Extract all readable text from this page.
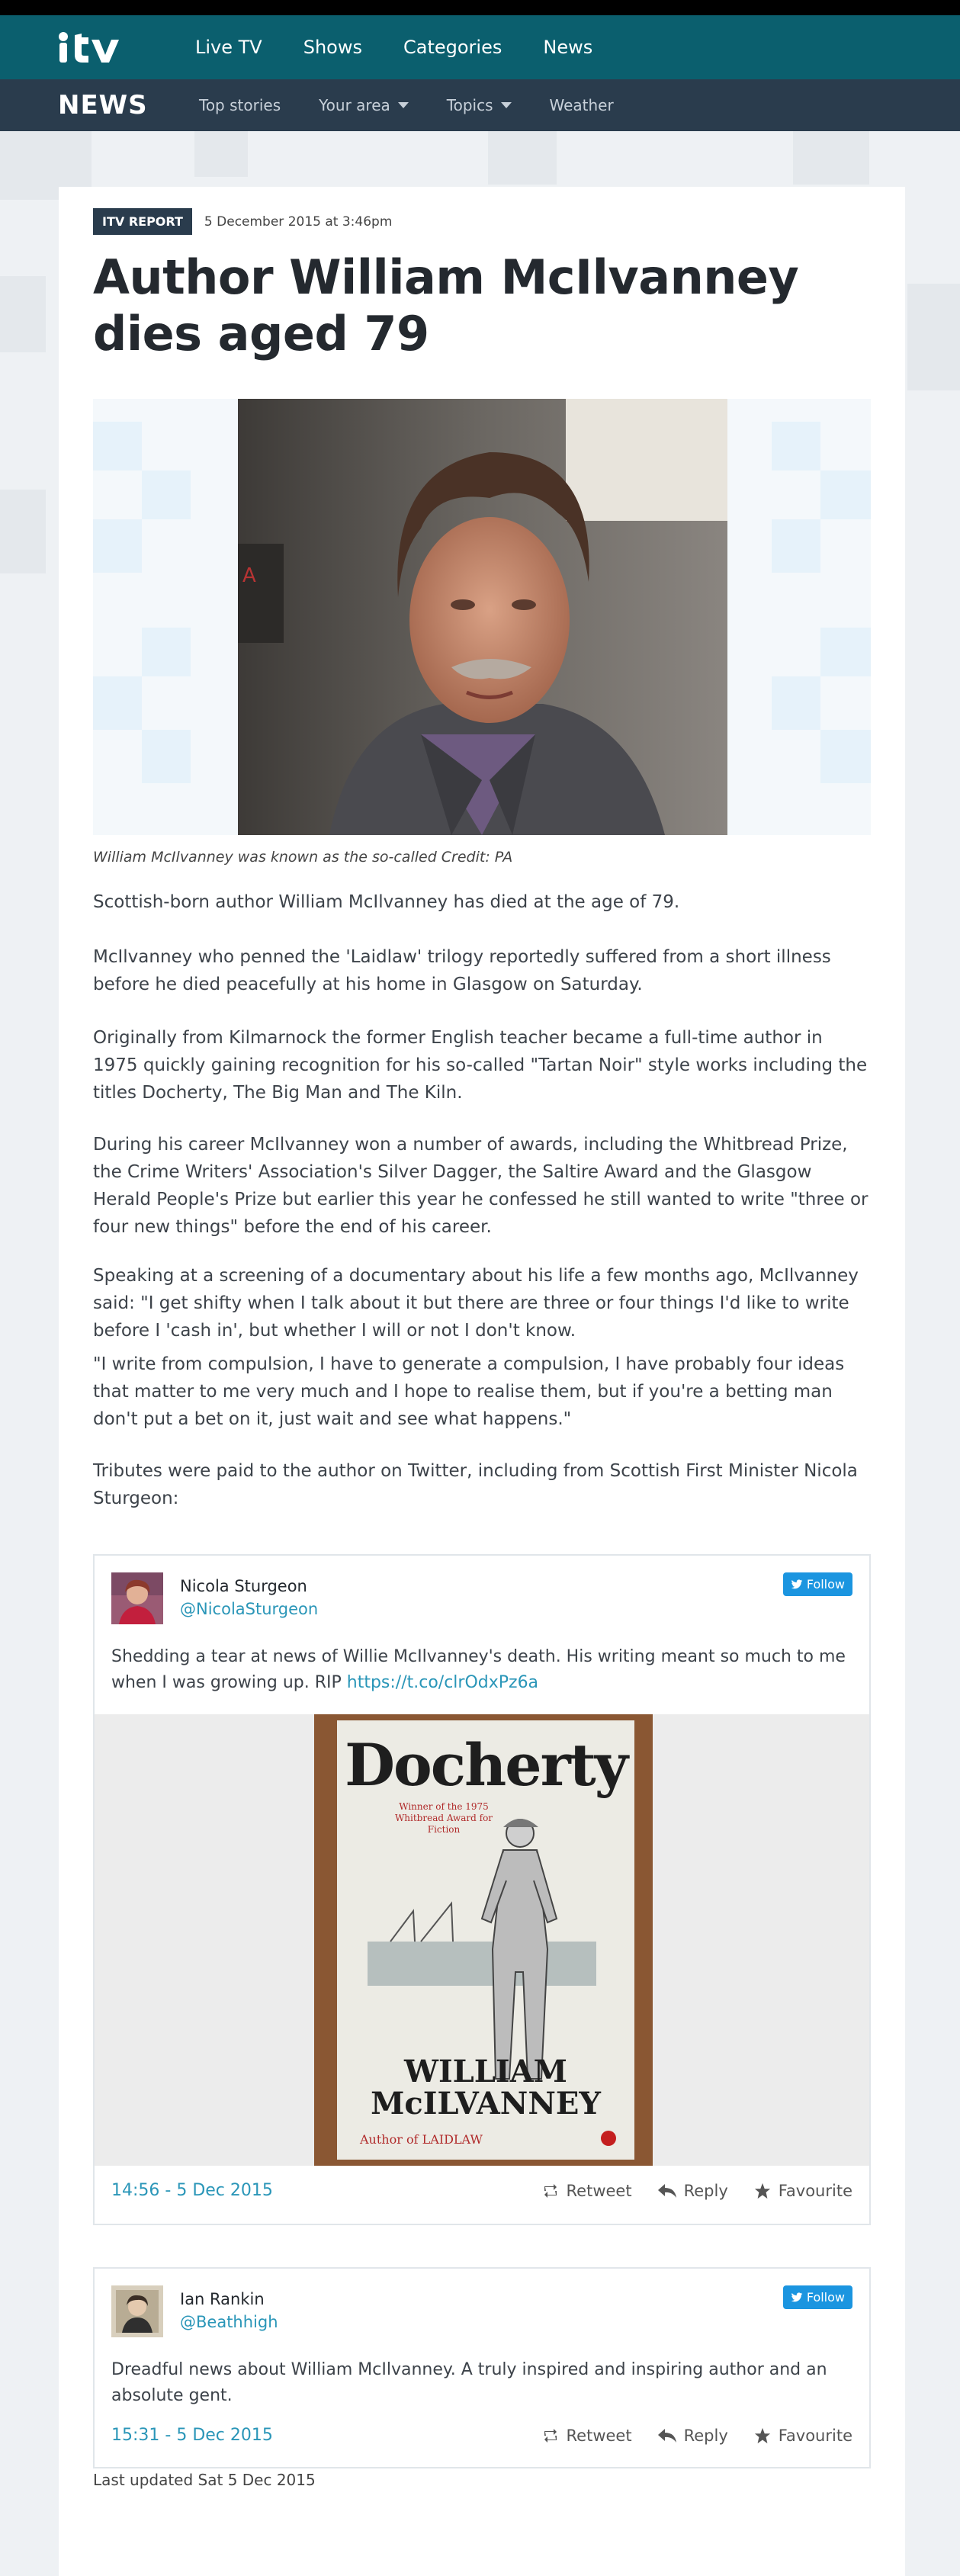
Live TV Shows Categories News
NEWS	Top stories	Your area	Topics	Weather
ITV REPORT	5 December 2015 at 3:46pm
Author William McIlvanney dies aged 79
A

William McIlvanney was known as the so-called Credit: PA

Scottish-born author William McIlvanney has died at the age of 79.

McIlvanney who penned the 'Laidlaw' trilogy reportedly suffered from a short illness before he died peacefully at his home in Glasgow on Saturday.

Originally from Kilmarnock the former English teacher became a full-time author in 1975 quickly gaining recognition for his so-called "Tartan Noir" style works including the titles Docherty, The Big Man and The Kiln.

During his career McIlvanney won a number of awards, including the Whitbread Prize, the Crime Writers' Association's Silver Dagger, the Saltire Award and the Glasgow Herald People's Prize but earlier this year he confessed he still wanted to write "three or four new things" before the end of his career.

Speaking at a screening of a documentary about his life a few months ago, McIlvanney said: "I get shifty when I talk about it but there are three or four things I'd like to write before I 'cash in', but whether I will or not I don't know.

"I write from compulsion, I have to generate a compulsion, I have probably four ideas that matter to me very much and I hope to realise them, but if you're a betting man don't put a bet on it, just wait and see what happens."

Tributes were paid to the author on Twitter, including from Scottish First Minister Nicola Sturgeon:

Nicola Sturgeon
@NicolaSturgeon
Follow
Shedding a tear at news of Willie McIlvanney's death. His writing meant so much to me when I was growing up. RIP https://t.co/clrOdxPz6a
Docherty
Winner of the 1975 Whitbread Award for Fiction
WILLIAM
McILVANNEY
Author of LAIDLAW
14:56 - 5 Dec 2015	Retweet	Reply	Favourite
Ian Rankin
@Beathhigh
Follow
Dreadful news about William McIlvanney. A truly inspired and inspiring author and an absolute gent.
15:31 - 5 Dec 2015	Retweet	Reply	Favourite

Last updated Sat 5 Dec 2015
